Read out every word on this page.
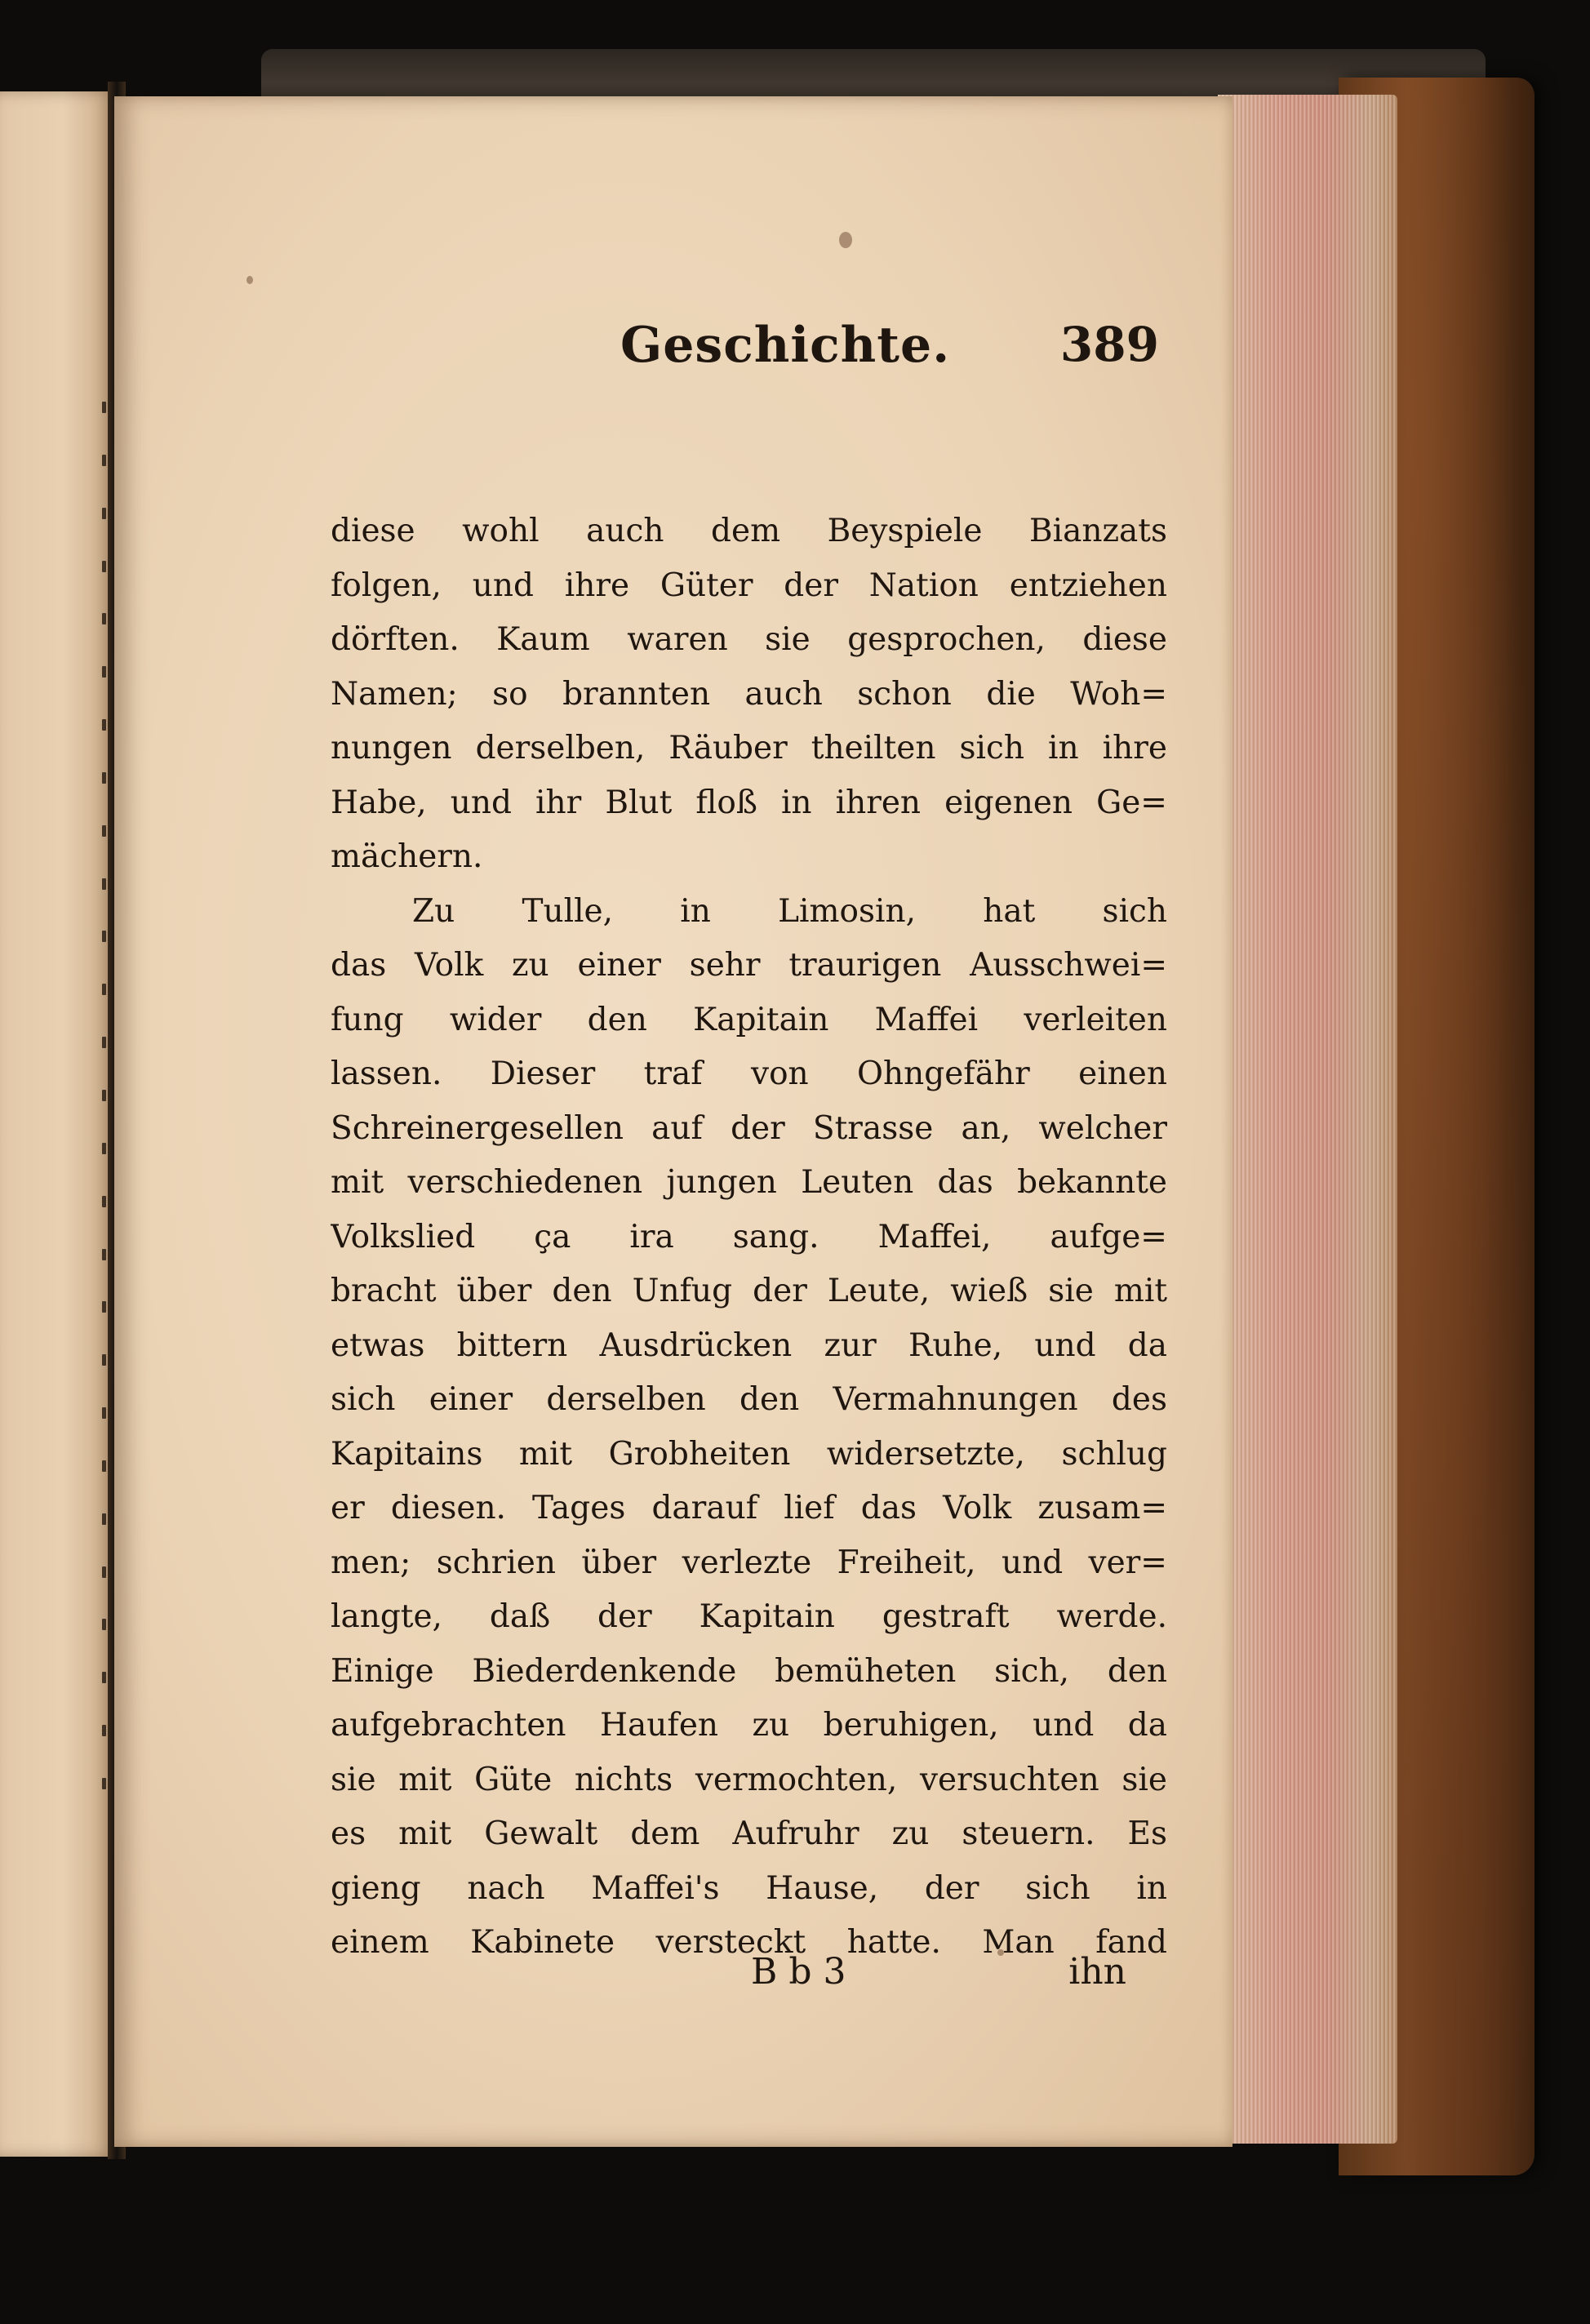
Geschichte. 389
diese wohl auch dem Beyspiele Bianzats
folgen, und ihre Güter der Nation entziehen
dörften. Kaum waren sie gesprochen, diese
Namen; so brannten auch schon die Woh=
nungen derselben, Räuber theilten sich in ihre
Habe, und ihr Blut floß in ihren eigenen Ge=
mächern.
Zu Tulle, in Limosin, hat sich
das Volk zu einer sehr traurigen Ausschwei=
fung wider den Kapitain Maffei verleiten
lassen. Dieser traf von Ohngefähr einen
Schreinergesellen auf der Strasse an, welcher
mit verschiedenen jungen Leuten das bekannte
Volkslied ça ira sang. Maffei, aufge=
bracht über den Unfug der Leute, wieß sie mit
etwas bittern Ausdrücken zur Ruhe, und da
sich einer derselben den Vermahnungen des
Kapitains mit Grobheiten widersetzte, schlug
er diesen. Tages darauf lief das Volk zusam=
men; schrien über verlezte Freiheit, und ver=
langte, daß der Kapitain gestraft werde.
Einige Biederdenkende bemüheten sich, den
aufgebrachten Haufen zu beruhigen, und da
sie mit Güte nichts vermochten, versuchten sie
es mit Gewalt dem Aufruhr zu steuern. Es
gieng nach Maffei's Hause, der sich in
einem Kabinete versteckt hatte. Man fand
B b 3	ihn
